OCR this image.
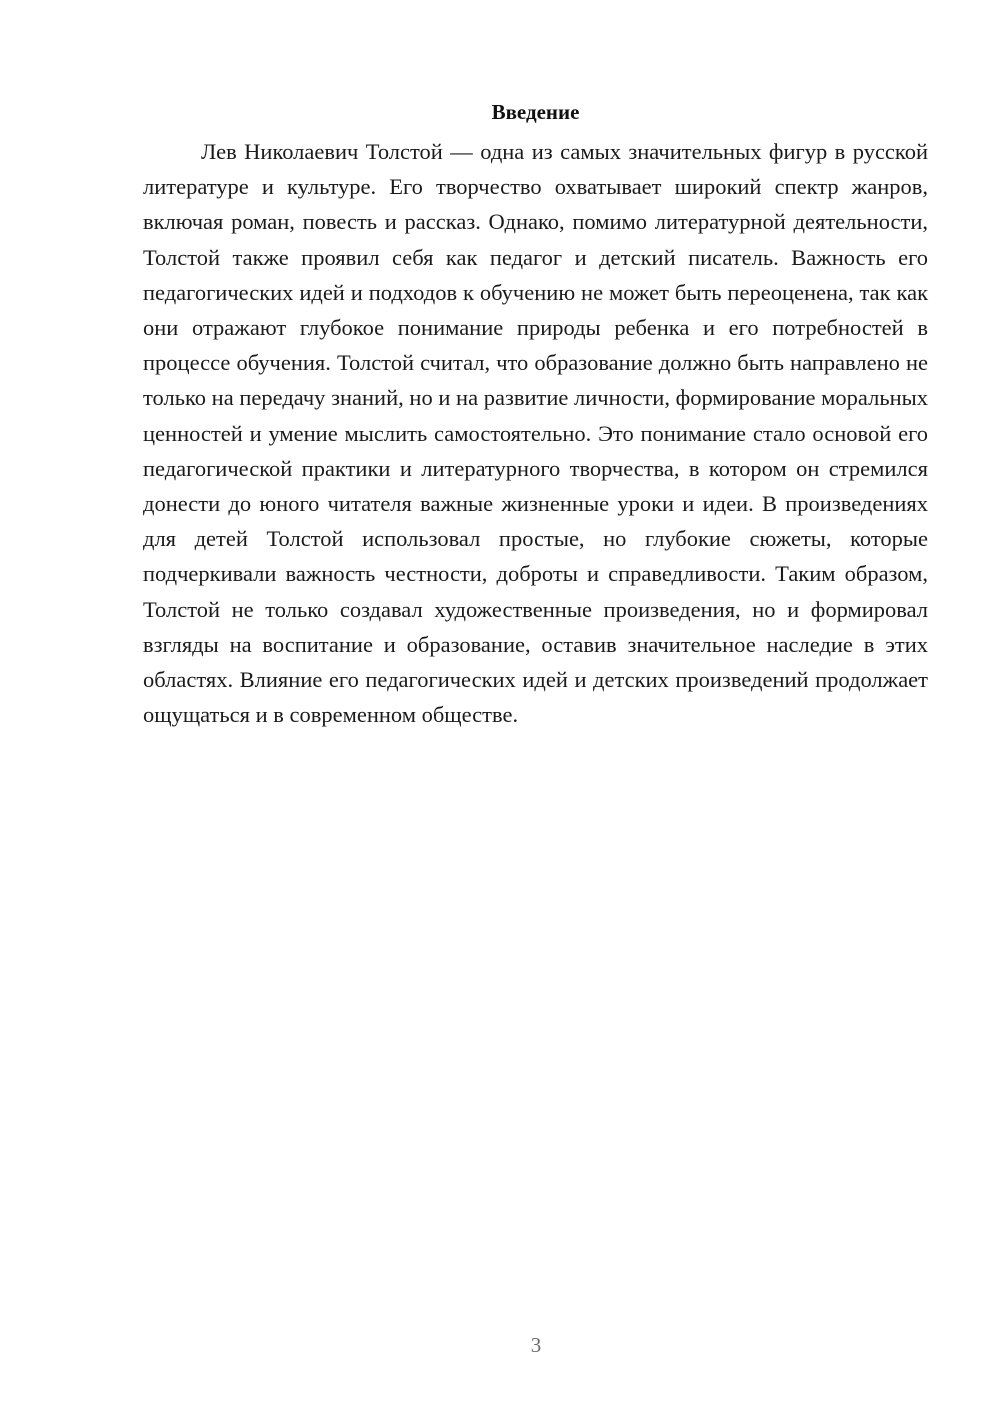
Введение

Лев Николаевич Толстой — одна из самых значительных фигур в русской литературе и культуре. Его творчество охватывает широкий спектр жанров, включая роман, повесть и рассказ. Однако, помимо литературной деятельности, Толстой также проявил себя как педагог и детский писатель. Важность его педагогических идей и подходов к обучению не может быть переоценена, так как они отражают глубокое понимание природы ребенка и его потребностей в процессе обучения. Толстой считал, что образование должно быть направлено не только на передачу знаний, но и на развитие личности, формирование моральных ценностей и умение мыслить самостоятельно. Это понимание стало основой его педагогической практики и литературного творчества, в котором он стремился донести до юного читателя важные жизненные уроки и идеи. В произведениях для детей Толстой использовал простые, но глубокие сюжеты, которые подчеркивали важность честности, доброты и справедливости. Таким образом, Толстой не только создавал художественные произведения, но и формировал взгляды на воспитание и образование, оставив значительное наследие в этих областях. Влияние его педагогических идей и детских произведений продолжает ощущаться и в современном обществе.

3
